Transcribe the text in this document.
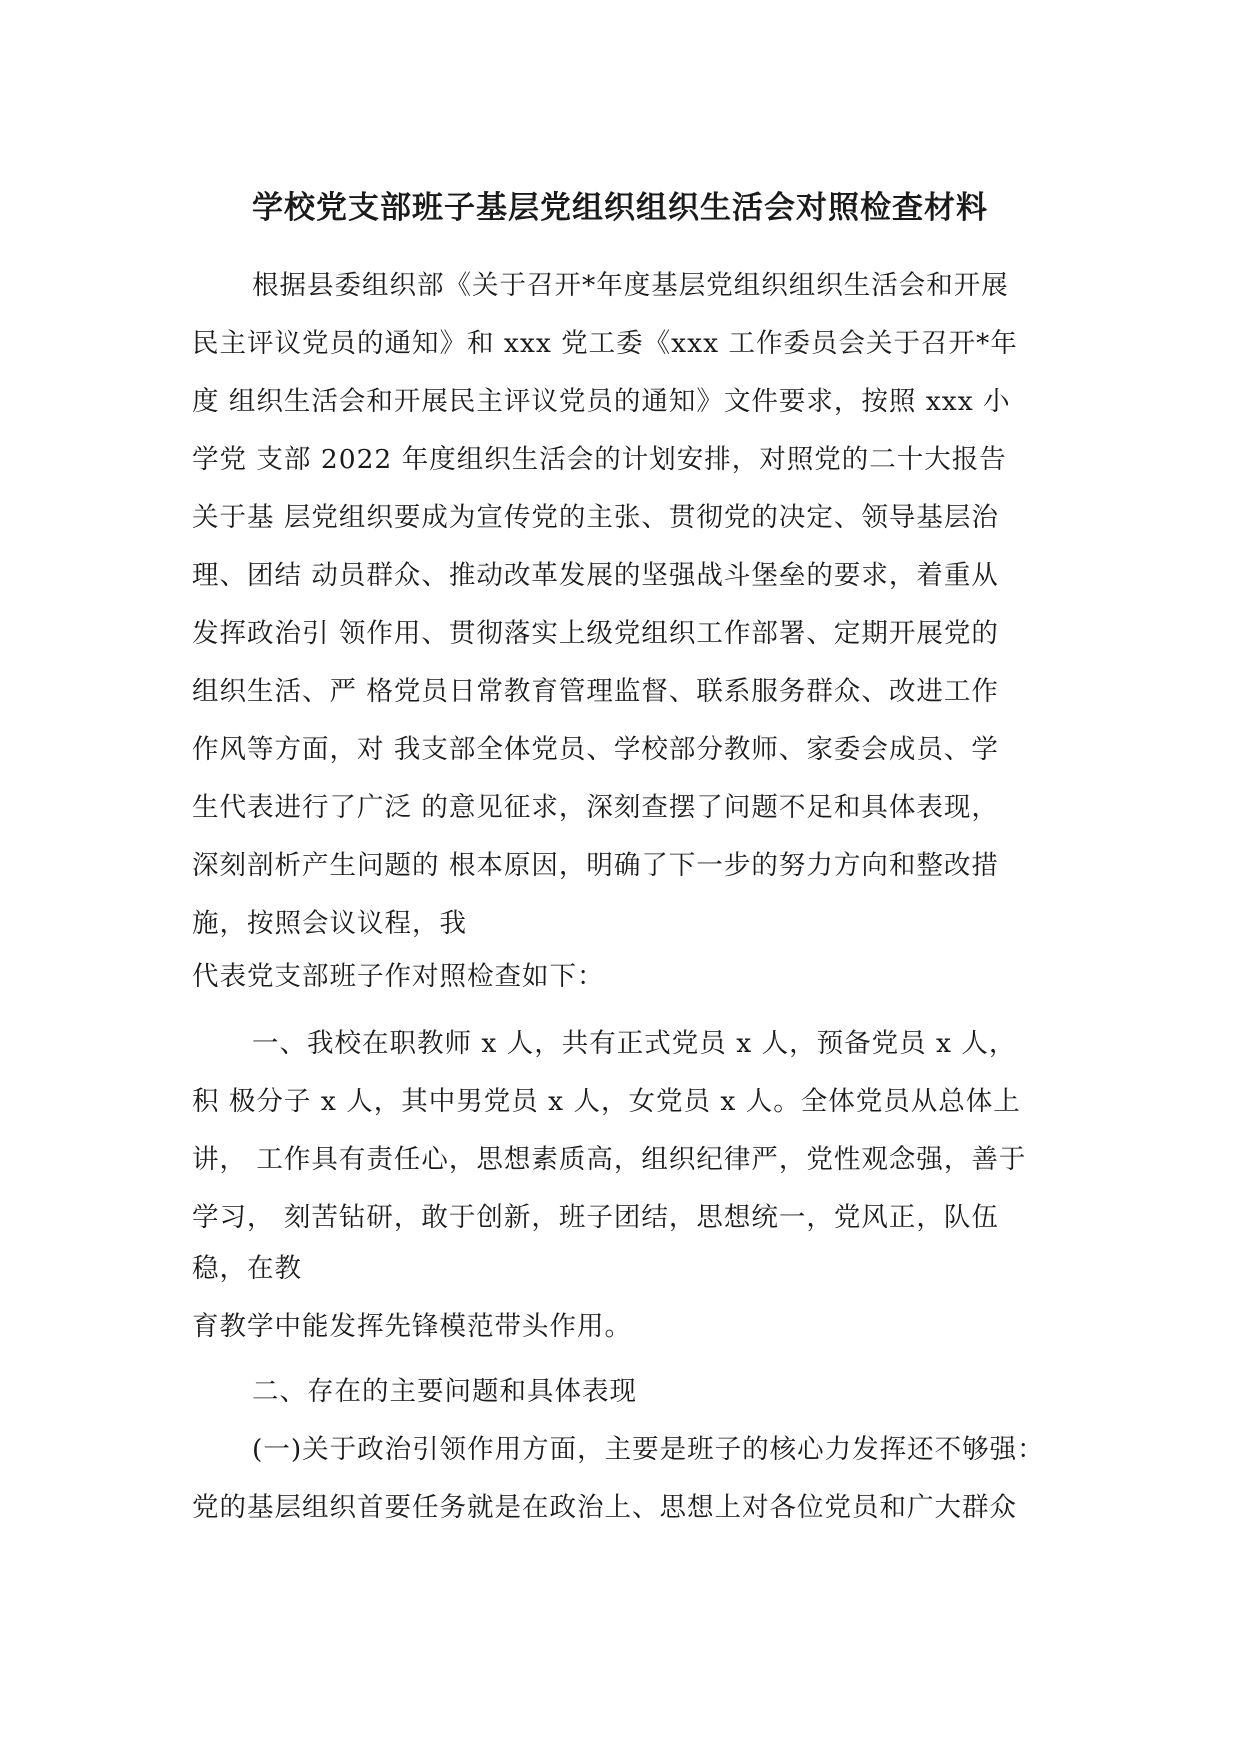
学校党支部班子基层党组织组织生活会对照检查材料
根据县委组织部《关于召开*年度基层党组织组织生活会和开展
民主评议党员的通知》和 xxx 党工委《xxx 工作委员会关于召开*年
度 组织生活会和开展民主评议党员的通知》文件要求，按照 xxx 小
学党 支部 2022 年度组织生活会的计划安排，对照党的二十大报告
关于基 层党组织要成为宣传党的主张、贯彻党的决定、领导基层治
理、团结 动员群众、推动改革发展的坚强战斗堡垒的要求，着重从
发挥政治引 领作用、贯彻落实上级党组织工作部署、定期开展党的
组织生活、严 格党员日常教育管理监督、联系服务群众、改进工作
作风等方面，对 我支部全体党员、学校部分教师、家委会成员、学
生代表进行了广泛 的意见征求，深刻查摆了问题不足和具体表现，
深刻剖析产生问题的 根本原因，明确了下一步的努力方向和整改措
施，按照会议议程，我
代表党支部班子作对照检查如下：
一、我校在职教师 x 人，共有正式党员 x 人，预备党员 x 人，
积 极分子 x 人，其中男党员 x 人，女党员 x 人。全体党员从总体上
讲， 工作具有责任心，思想素质高，组织纪律严，党性观念强，善于
学习， 刻苦钻研，敢于创新，班子团结，思想统一，党风正，队伍
稳，在教
育教学中能发挥先锋模范带头作用。
二、存在的主要问题和具体表现
(一)关于政治引领作用方面，主要是班子的核心力发挥还不够强：
党的基层组织首要任务就是在政治上、思想上对各位党员和广大群众
